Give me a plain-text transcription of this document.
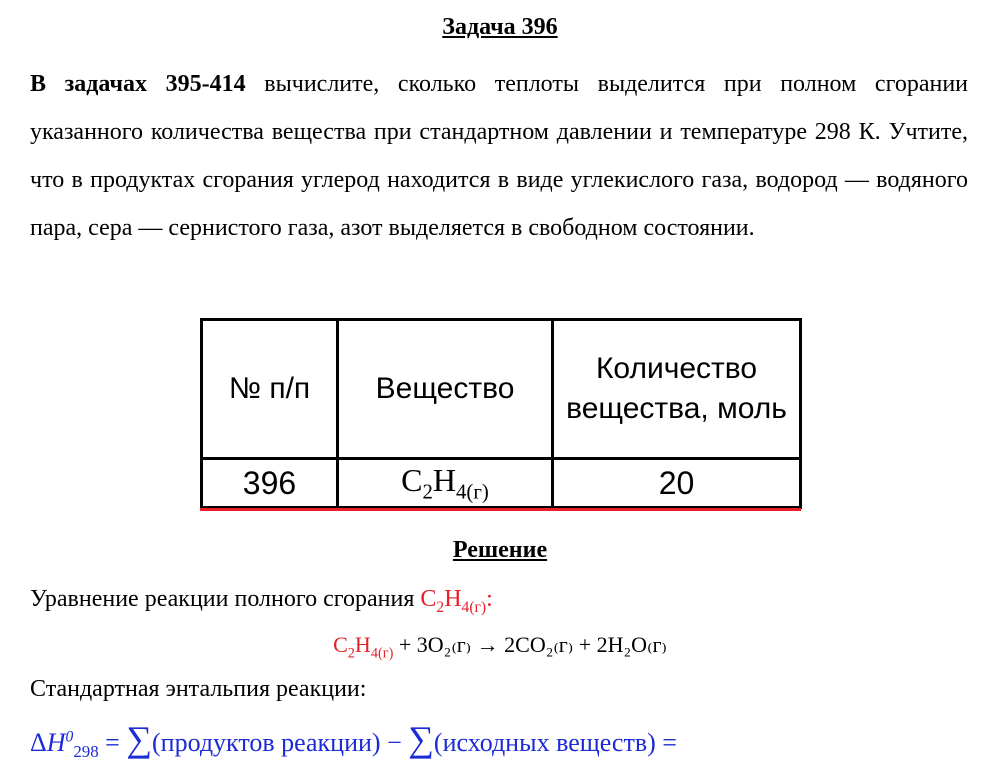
Задача 396
В задачах 395-414 вычислите, сколько теплоты выделится при полном сгорании указанного количества вещества при стандартном давлении и температуре 298 К. Учтите, что в продуктах сгорания углерод находится в виде углекислого газа, водород — водяного пара, сера — сернистого газа, азот выделяется в свободном состоянии.
№ п/п	Вещество	Количество вещества, моль
396	$C_2H_{4(г)}$	20
Решение
Уравнение реакции полного сгорания $C_2H_{4(г)}$:
$C_2H_{4(г)} + 3O_{2(}г_) \to 2CO_{2(}г_) + 2H_2O_(г_)$
Стандартная энтальпия реакции:
$\Delta H^0_{298}$ = ∑(продуктов реакции) − ∑(исходных веществ) =
